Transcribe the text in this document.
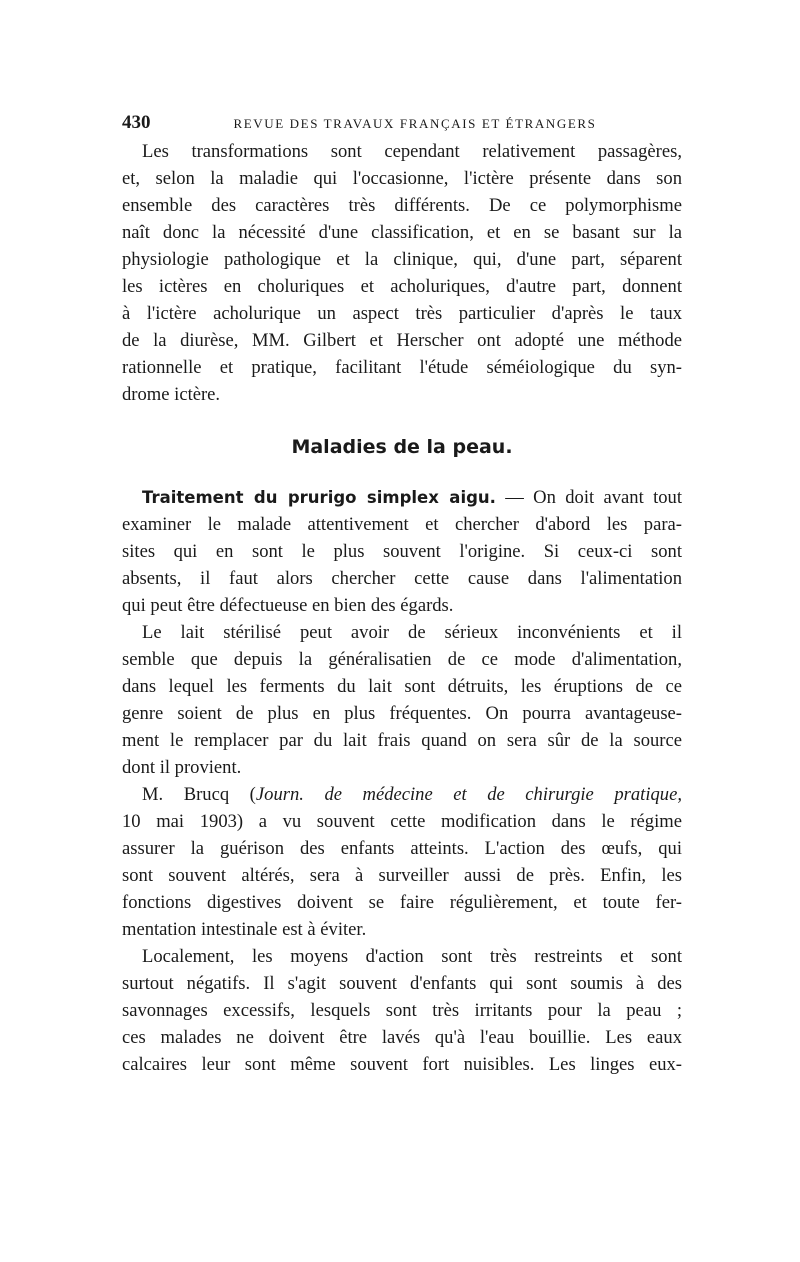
430	REVUE DES TRAVAUX FRANÇAIS ET ÉTRANGERS
Les transformations sont cependant relativement passagères,
et, selon la maladie qui l'occasionne, l'ictère présente dans son
ensemble des caractères très différents. De ce polymorphisme
naît donc la nécessité d'une classification, et en se basant sur la
physiologie pathologique et la clinique, qui, d'une part, séparent
les ictères en choluriques et acholuriques, d'autre part, donnent
à l'ictère acholurique un aspect très particulier d'après le taux
de la diurèse, MM. Gilbert et Herscher ont adopté une méthode
rationnelle et pratique, facilitant l'étude séméiologique du syn-
drome ictère.
Maladies de la peau.
Traitement du prurigo simplex aigu. — On doit avant tout
examiner le malade attentivement et chercher d'abord les para-
sites qui en sont le plus souvent l'origine. Si ceux-ci sont
absents, il faut alors chercher cette cause dans l'alimentation
qui peut être défectueuse en bien des égards.
Le lait stérilisé peut avoir de sérieux inconvénients et il
semble que depuis la généralisatien de ce mode d'alimentation,
dans lequel les ferments du lait sont détruits, les éruptions de ce
genre soient de plus en plus fréquentes. On pourra avantageuse-
ment le remplacer par du lait frais quand on sera sûr de la source
dont il provient.
M. Brucq (Journ. de médecine et de chirurgie pratique,
10 mai 1903) a vu souvent cette modification dans le régime
assurer la guérison des enfants atteints. L'action des œufs, qui
sont souvent altérés, sera à surveiller aussi de près. Enfin, les
fonctions digestives doivent se faire régulièrement, et toute fer-
mentation intestinale est à éviter.
Localement, les moyens d'action sont très restreints et sont
surtout négatifs. Il s'agit souvent d'enfants qui sont soumis à des
savonnages excessifs, lesquels sont très irritants pour la peau ;
ces malades ne doivent être lavés qu'à l'eau bouillie. Les eaux
calcaires leur sont même souvent fort nuisibles. Les linges eux-
